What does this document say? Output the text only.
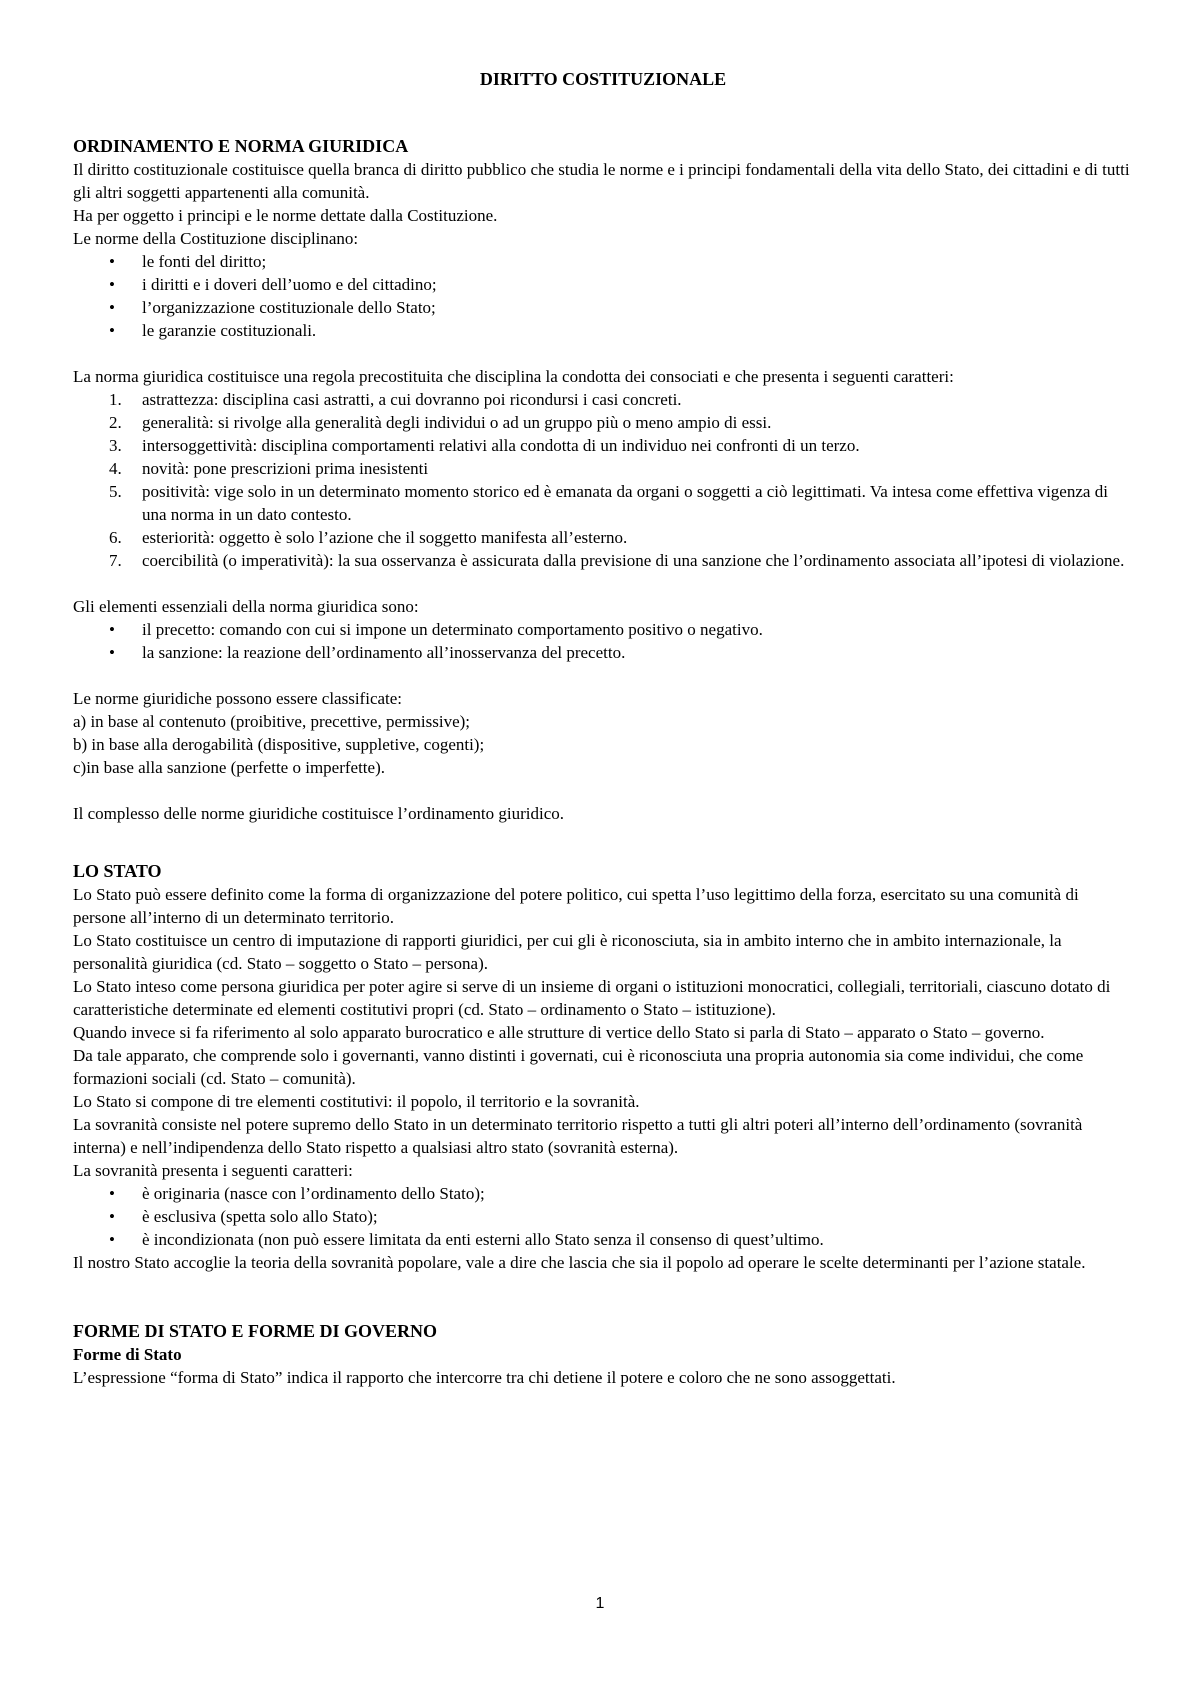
DIRITTO COSTITUZIONALE
ORDINAMENTO E NORMA GIURIDICA

Il diritto costituzionale costituisce quella branca di diritto pubblico che studia le norme e i principi fondamentali della vita dello Stato, dei cittadini e di tutti gli altri soggetti appartenenti alla comunità.

Ha per oggetto i principi e le norme dettate dalla Costituzione.

Le norme della Costituzione disciplinano:

• le fonti del diritto;
• i diritti e i doveri dell’uomo e del cittadino;
• l’organizzazione costituzionale dello Stato;
• le garanzie costituzionali.

La norma giuridica costituisce una regola precostituita che disciplina la condotta dei consociati e che presenta i seguenti caratteri:

1. astrattezza: disciplina casi astratti, a cui dovranno poi ricondursi i casi concreti.
2. generalità: si rivolge alla generalità degli individui o ad un gruppo più o meno ampio di essi.
3. intersoggettività: disciplina comportamenti relativi alla condotta di un individuo nei confronti di un terzo.
4. novità: pone prescrizioni prima inesistenti
5. positività: vige solo in un determinato momento storico ed è emanata da organi o soggetti a ciò legittimati. Va intesa come effettiva vigenza di una norma in un dato contesto.
6. esteriorità: oggetto è solo l’azione che il soggetto manifesta all’esterno.
7. coercibilità (o imperatività): la sua osservanza è assicurata dalla previsione di una sanzione che l’ordinamento associata all’ipotesi di violazione.

Gli elementi essenziali della norma giuridica sono:

• il precetto: comando con cui si impone un determinato comportamento positivo o negativo.
• la sanzione: la reazione dell’ordinamento all’inosservanza del precetto.

Le norme giuridiche possono essere classificate:

a) in base al contenuto (proibitive, precettive, permissive);

b) in base alla derogabilità (dispositive, suppletive, cogenti);

c)in base alla sanzione (perfette o imperfette).

Il complesso delle norme giuridiche costituisce l’ordinamento giuridico.

LO STATO

Lo Stato può essere definito come la forma di organizzazione del potere politico, cui spetta l’uso legittimo della forza, esercitato su una comunità di persone all’interno di un determinato territorio.

Lo Stato costituisce un centro di imputazione di rapporti giuridici, per cui gli è riconosciuta, sia in ambito interno che in ambito internazionale, la personalità giuridica (cd. Stato – soggetto o Stato – persona).

Lo Stato inteso come persona giuridica per poter agire si serve di un insieme di organi o istituzioni monocratici, collegiali, territoriali, ciascuno dotato di caratteristiche determinate ed elementi costitutivi propri (cd. Stato – ordinamento o Stato – istituzione).

Quando invece si fa riferimento al solo apparato burocratico e alle strutture di vertice dello Stato si parla di Stato – apparato o Stato – governo.

Da tale apparato, che comprende solo i governanti, vanno distinti i governati, cui è riconosciuta una propria autonomia sia come individui, che come formazioni sociali (cd. Stato – comunità).

Lo Stato si compone di tre elementi costitutivi: il popolo, il territorio e la sovranità.

La sovranità consiste nel potere supremo dello Stato in un determinato territorio rispetto a tutti gli altri poteri all’interno dell’ordinamento (sovranità interna) e nell’indipendenza dello Stato rispetto a qualsiasi altro stato (sovranità esterna).

La sovranità presenta i seguenti caratteri:

• è originaria (nasce con l’ordinamento dello Stato);
• è esclusiva (spetta solo allo Stato);
• è incondizionata (non può essere limitata da enti esterni allo Stato senza il consenso di quest’ultimo.

Il nostro Stato accoglie la teoria della sovranità popolare, vale a dire che lascia che sia il popolo ad operare le scelte determinanti per l’azione statale.

FORME DI STATO E FORME DI GOVERNO
Forme di Stato

L’espressione “forma di Stato” indica il rapporto che intercorre tra chi detiene il potere e coloro che ne sono assoggettati.

1
